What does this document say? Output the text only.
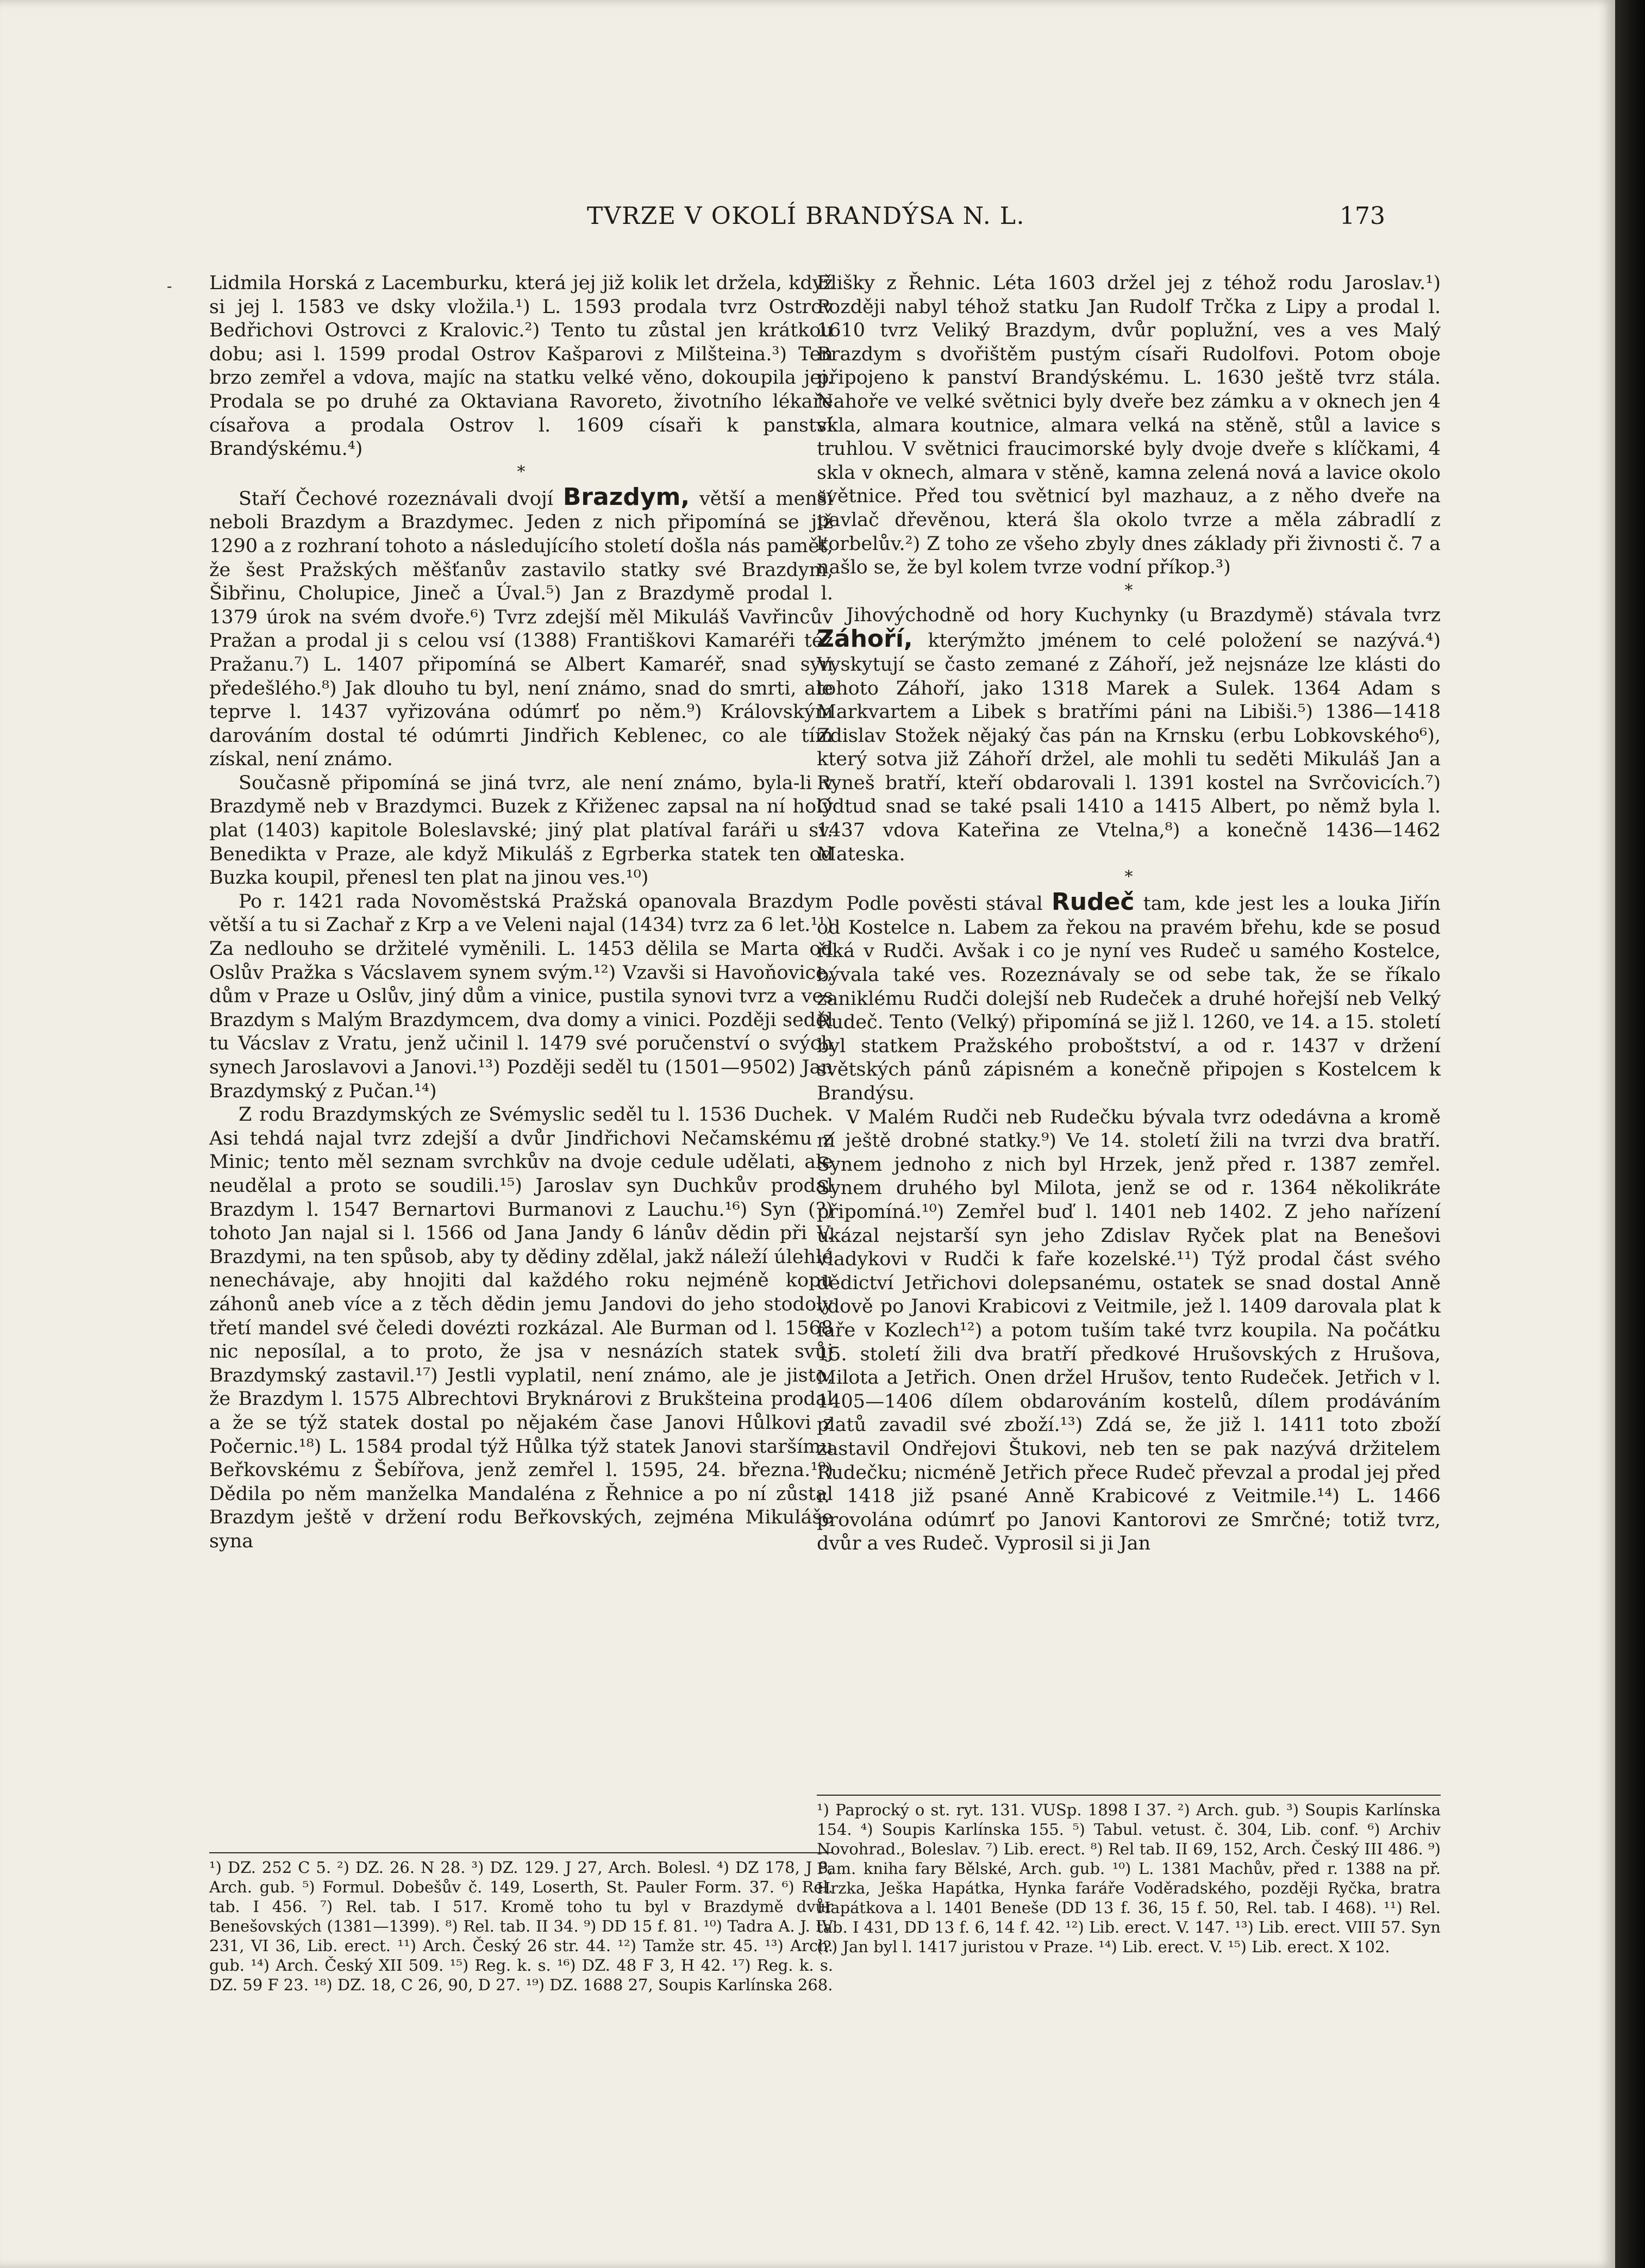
TVRZE V OKOLÍ BRANDÝSA N. L.	173
- Lidmila Horská z Lacemburku, která jej již kolik let držela, když si jej l. 1583 ve dsky vložila.¹) L. 1593 prodala tvrz Ostrov Bedřichovi Ostrovci z Kralovic.²) Tento tu zůstal jen krátkou dobu; asi l. 1599 prodal Ostrov Kašparovi z Milšteina.³) Ten brzo zemřel a vdova, majíc na statku velké věno, dokoupila jej. Prodala se po druhé za Oktaviana Ravoreto, životního lékaře císařova a prodala Ostrov l. 1609 císaři k panství Brandýskému.⁴)

*

Staří Čechové rozeznávali dvojí Brazdym, větší a menší neboli Brazdym a Brazdymec. Jeden z nich připomíná se již 1290 a z rozhraní tohoto a následujícího století došla nás paměť, že šest Pražských měšťanův zastavilo statky své Brazdym, Šibřinu, Cholupice, Jineč a Úval.⁵) Jan z Brazdymě prodal l. 1379 úrok na svém dvoře.⁶) Tvrz zdejší měl Mikuláš Vavřincův Pražan a prodal ji s celou vsí (1388) Františkovi Kamaréři též Pražanu.⁷) L. 1407 připomíná se Albert Kamaréř, snad syn předešlého.⁸) Jak dlouho tu byl, není známo, snad do smrti, ale teprve l. 1437 vyřizována odúmrť po něm.⁹) Královským darováním dostal té odúmrti Jindřich Keblenec, co ale tím získal, není známo.

Současně připomíná se jiná tvrz, ale není známo, byla-li v Brazdymě neb v Brazdymci. Buzek z Křiženec zapsal na ní holý plat (1403) kapitole Boleslavské; jiný plat platíval faráři u sv. Benedikta v Praze, ale když Mikuláš z Egrberka statek ten od Buzka koupil, přenesl ten plat na jinou ves.¹⁰)

Po r. 1421 rada Novoměstská Pražská opanovala Brazdym větší a tu si Zachař z Krp a ve Veleni najal (1434) tvrz za 6 let.¹¹) Za nedlouho se držitelé vyměnili. L. 1453 dělila se Marta od Oslův Pražka s Vácslavem synem svým.¹²) Vzavši si Havoňovice, dům v Praze u Oslův, jiný dům a vinice, pustila synovi tvrz a ves Brazdym s Malým Brazdymcem, dva domy a vinici. Později seděl tu Vácslav z Vratu, jenž učinil l. 1479 své poručenství o svých synech Jaroslavovi a Janovi.¹³) Později seděl tu (1501—9502) Jan Brazdymský z Pučan.¹⁴)

Z rodu Brazdymských ze Svémyslic seděl tu l. 1536 Duchek. Asi tehdá najal tvrz zdejší a dvůr Jindřichovi Nečamskému z Minic; tento měl seznam svrchkův na dvoje cedule udělati, ale neudělal a proto se soudili.¹⁵) Jaroslav syn Duchkův prodal Brazdym l. 1547 Bernartovi Burmanovi z Lauchu.¹⁶) Syn (?) tohoto Jan najal si l. 1566 od Jana Jandy 6 lánův dědin při V. Brazdymi, na ten spůsob, aby ty dědiny zdělal, jakž náleží úlehlé nenechávaje, aby hnojiti dal každého roku nejméně kopu záhonů aneb více a z těch dědin jemu Jandovi do jeho stodoly třetí mandel své čeledi dovézti rozkázal. Ale Burman od l. 1568 nic neposílal, a to proto, že jsa v nesnázích statek svůj Brazdymský zastavil.¹⁷) Jestli vyplatil, není známo, ale je jisto, že Brazdym l. 1575 Albrechtovi Bryknárovi z Brukšteina prodal a že se týž statek dostal po nějakém čase Janovi Hůlkovi z Počernic.¹⁸) L. 1584 prodal týž Hůlka týž statek Janovi staršímu Beřkovskému z Šebířova, jenž zemřel l. 1595, 24. března.¹⁹) Dědila po něm manželka Mandaléna z Řehnice a po ní zůstal Brazdym ještě v držení rodu Beřkovských, zejména Mikuláše syna

Elišky z Řehnic. Léta 1603 držel jej z téhož rodu Jaroslav.¹) Později nabyl téhož statku Jan Rudolf Trčka z Lipy a prodal l. 1610 tvrz Veliký Brazdym, dvůr poplužní, ves a ves Malý Brazdym s dvořištěm pustým císaři Rudolfovi. Potom oboje připojeno k panství Brandýskému. L. 1630 ještě tvrz stála. Nahoře ve velké světnici byly dveře bez zámku a v oknech jen 4 skla, almara koutnice, almara velká na stěně, stůl a lavice s truhlou. V světnici fraucimorské byly dvoje dveře s klíčkami, 4 skla v oknech, almara v stěně, kamna zelená nová a lavice okolo světnice. Před tou světnicí byl mazhauz, a z něho dveře na pavlač dřevěnou, která šla okolo tvrze a měla zábradlí z korbelův.²) Z toho ze všeho zbyly dnes základy při živnosti č. 7 a našlo se, že byl kolem tvrze vodní příkop.³)

*

Jihovýchodně od hory Kuchynky (u Brazdymě) stávala tvrz Záhoří, kterýmžto jménem to celé položení se nazývá.⁴) Vyskytují se často zemané z Záhoří, jež nejsnáze lze klásti do tohoto Záhoří, jako 1318 Marek a Sulek. 1364 Adam s Markvartem a Libek s bratřími páni na Libiši.⁵) 1386—1418 Zdislav Stožek nějaký čas pán na Krnsku (erbu Lobkovského⁶), který sotva již Záhoří držel, ale mohli tu seděti Mikuláš Jan a Ryneš bratří, kteří obdarovali l. 1391 kostel na Svrčovicích.⁷) Odtud snad se také psali 1410 a 1415 Albert, po němž byla l. 1437 vdova Kateřina ze Vtelna,⁸) a konečně 1436—1462 Mateska.

*

Podle pověsti stával Rudeč tam, kde jest les a louka Jiřín od Kostelce n. Labem za řekou na pravém břehu, kde se posud říká v Rudči. Avšak i co je nyní ves Rudeč u samého Kostelce, bývala také ves. Rozeznávaly se od sebe tak, že se říkalo zaniklému Rudči dolejší neb Rudeček a druhé hořejší neb Velký Rudeč. Tento (Velký) připomíná se již l. 1260, ve 14. a 15. století byl statkem Pražského proboštství, a od r. 1437 v držení světských pánů zápisném a konečně připojen s Kostelcem k Brandýsu.

V Malém Rudči neb Rudečku bývala tvrz odedávna a kromě ní ještě drobné statky.⁹) Ve 14. století žili na tvrzi dva bratří. Synem jednoho z nich byl Hrzek, jenž před r. 1387 zemřel. Synem druhého byl Milota, jenž se od r. 1364 několikráte připomíná.¹⁰) Zemřel buď l. 1401 neb 1402. Z jeho nařízení ukázal nejstarší syn jeho Zdislav Ryček plat na Benešovi vladykovi v Rudči k faře kozelské.¹¹) Týž prodal část svého dědictví Jetřichovi dolepsanému, ostatek se snad dostal Anně vdově po Janovi Krabicovi z Veitmile, jež l. 1409 darovala plat k faře v Kozlech¹²) a potom tuším také tvrz koupila. Na počátku 15. století žili dva bratří předkové Hrušovských z Hrušova, Milota a Jetřich. Onen držel Hrušov, tento Rudeček. Jetřich v l. 1405—1406 dílem obdarováním kostelů, dílem prodáváním platů zavadil své zboží.¹³) Zdá se, že již l. 1411 toto zboží zastavil Ondřejovi Štukovi, neb ten se pak nazývá držitelem Rudečku; nicméně Jetřich přece Rudeč převzal a prodal jej před r. 1418 již psané Anně Krabicové z Veitmile.¹⁴) L. 1466 provolána odúmrť po Janovi Kantorovi ze Smrčné; totiž tvrz, dvůr a ves Rudeč. Vyprosil si ji Jan

¹) DZ. 252 C 5. ²) DZ. 26. N 28. ³) DZ. 129. J 27, Arch. Bolesl. ⁴) DZ 178, J 8, Arch. gub. ⁵) Formul. Dobešův č. 149, Loserth, St. Pauler Form. 37. ⁶) Rel. tab. I 456. ⁷) Rel. tab. I 517. Kromě toho tu byl v Brazdymě dvůr Benešovských (1381—1399). ⁸) Rel. tab. II 34. ⁹) DD 15 f. 81. ¹⁰) Tadra A. J. IV 231, VI 36, Lib. erect. ¹¹) Arch. Český 26 str. 44. ¹²) Tamže str. 45. ¹³) Arch. gub. ¹⁴) Arch. Český XII 509. ¹⁵) Reg. k. s. ¹⁶) DZ. 48 F 3, H 42. ¹⁷) Reg. k. s. DZ. 59 F 23. ¹⁸) DZ. 18, C 26, 90, D 27. ¹⁹) DZ. 1688 27, Soupis Karlínska 268.
¹) Paprocký o st. ryt. 131. VUSp. 1898 I 37. ²) Arch. gub. ³) Soupis Karlínska 154. ⁴) Soupis Karlínska 155. ⁵) Tabul. vetust. č. 304, Lib. conf. ⁶) Archiv Novohrad., Boleslav. ⁷) Lib. erect. ⁸) Rel tab. II 69, 152, Arch. Český III 486. ⁹) Pam. kniha fary Bělské, Arch. gub. ¹⁰) L. 1381 Machův, před r. 1388 na př. Hrzka, Ješka Hapátka, Hynka faráře Voděradského, později Ryčka, bratra Hapátkova a l. 1401 Beneše (DD 13 f. 36, 15 f. 50, Rel. tab. I 468). ¹¹) Rel. tab. I 431, DD 13 f. 6, 14 f. 42. ¹²) Lib. erect. V. 147. ¹³) Lib. erect. VIII 57. Syn (?) Jan byl l. 1417 juristou v Praze. ¹⁴) Lib. erect. V. ¹⁵) Lib. erect. X 102.
